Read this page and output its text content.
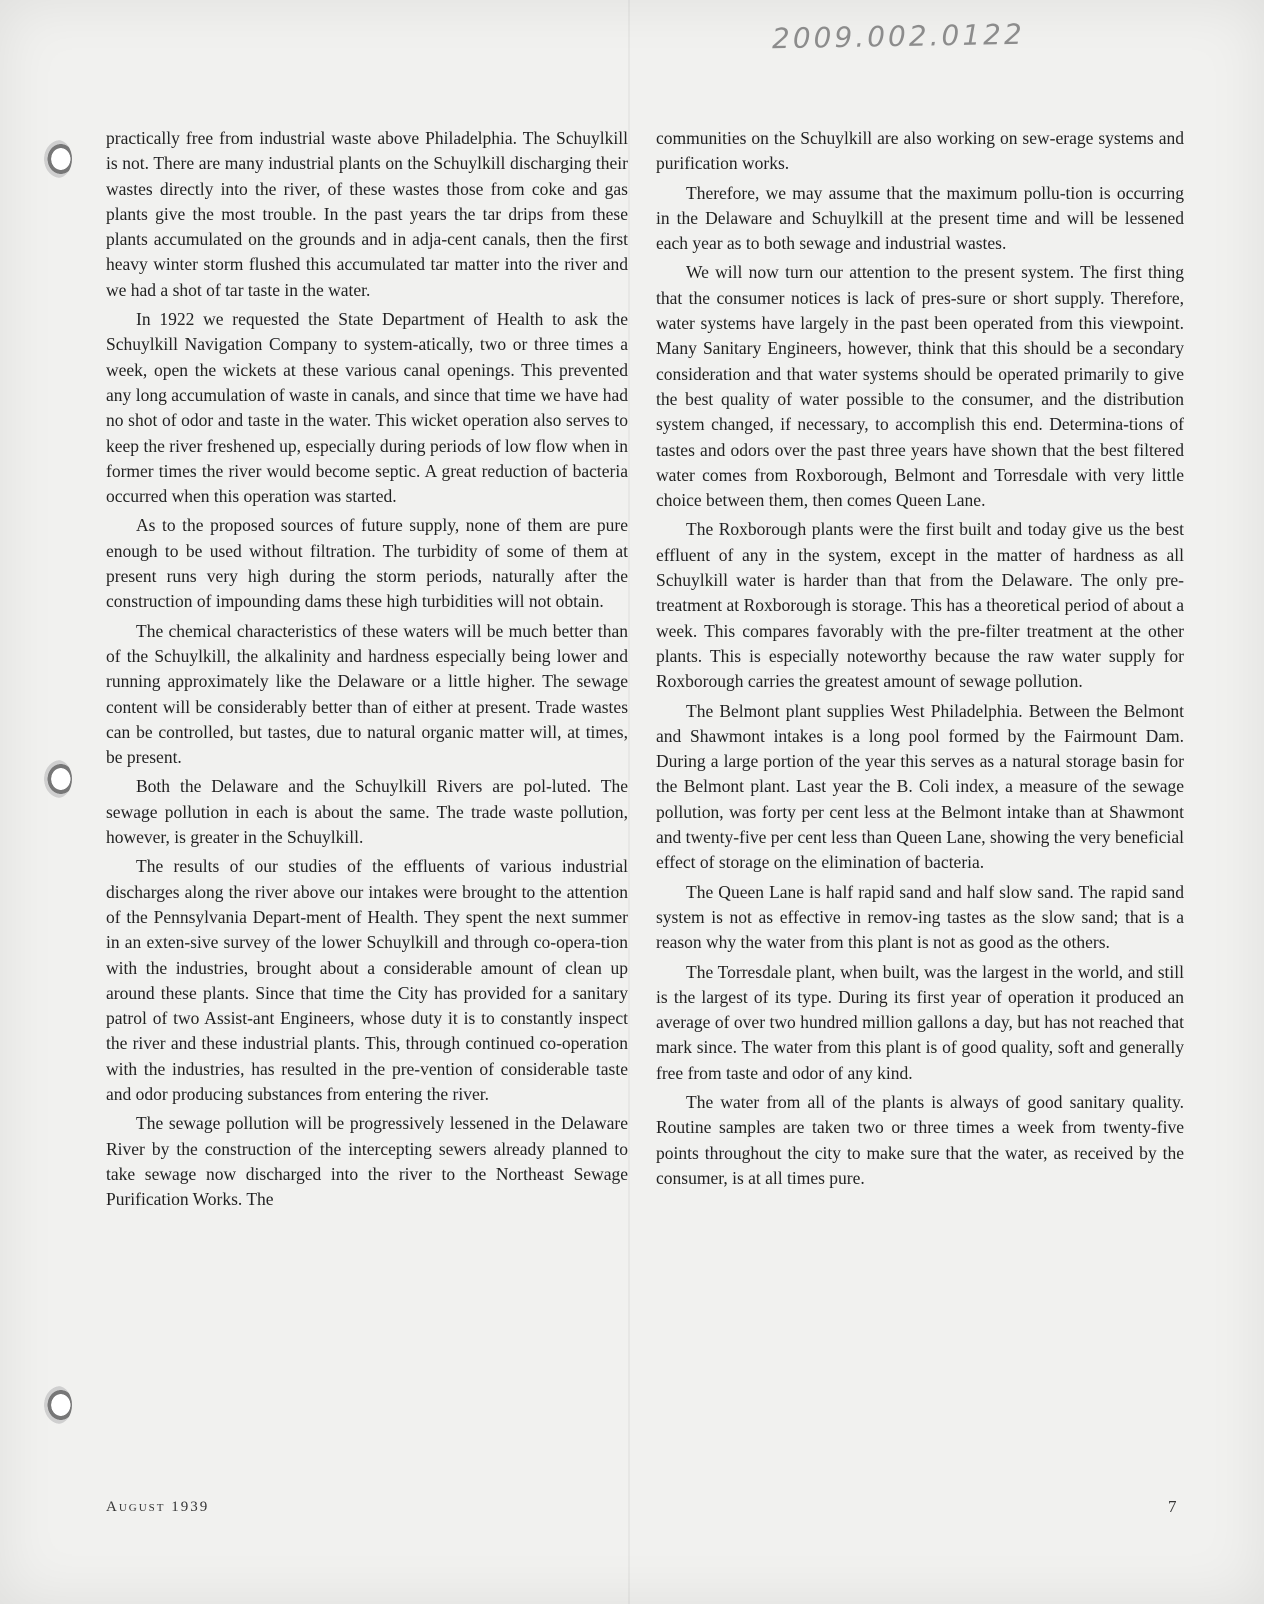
2009.002.0122

practically free from industrial waste above Philadelphia. The Schuylkill is not. There are many industrial plants on the Schuylkill discharging their wastes directly into the river, of these wastes those from coke and gas plants give the most trouble. In the past years the tar drips from these plants accumulated on the grounds and in adja-cent canals, then the first heavy winter storm flushed this accumulated tar matter into the river and we had a shot of tar taste in the water.

In 1922 we requested the State Department of Health to ask the Schuylkill Navigation Company to system-atically, two or three times a week, open the wickets at these various canal openings. This prevented any long accumulation of waste in canals, and since that time we have had no shot of odor and taste in the water. This wicket operation also serves to keep the river freshened up, especially during periods of low flow when in former times the river would become septic. A great reduction of bacteria occurred when this operation was started.

As to the proposed sources of future supply, none of them are pure enough to be used without filtration. The turbidity of some of them at present runs very high during the storm periods, naturally after the construction of impounding dams these high turbidities will not obtain.

The chemical characteristics of these waters will be much better than of the Schuylkill, the alkalinity and hardness especially being lower and running approximately like the Delaware or a little higher. The sewage content will be considerably better than of either at present. Trade wastes can be controlled, but tastes, due to natural organic matter will, at times, be present.

Both the Delaware and the Schuylkill Rivers are pol-luted. The sewage pollution in each is about the same. The trade waste pollution, however, is greater in the Schuylkill.

The results of our studies of the effluents of various industrial discharges along the river above our intakes were brought to the attention of the Pennsylvania Depart-ment of Health. They spent the next summer in an exten-sive survey of the lower Schuylkill and through co-opera-tion with the industries, brought about a considerable amount of clean up around these plants. Since that time the City has provided for a sanitary patrol of two Assist-ant Engineers, whose duty it is to constantly inspect the river and these industrial plants. This, through continued co-operation with the industries, has resulted in the pre-vention of considerable taste and odor producing substances from entering the river.

The sewage pollution will be progressively lessened in the Delaware River by the construction of the intercepting sewers already planned to take sewage now discharged into the river to the Northeast Sewage Purification Works. The

communities on the Schuylkill are also working on sew-erage systems and purification works.

Therefore, we may assume that the maximum pollu-tion is occurring in the Delaware and Schuylkill at the present time and will be lessened each year as to both sewage and industrial wastes.

We will now turn our attention to the present system. The first thing that the consumer notices is lack of pres-sure or short supply. Therefore, water systems have largely in the past been operated from this viewpoint. Many Sanitary Engineers, however, think that this should be a secondary consideration and that water systems should be operated primarily to give the best quality of water possible to the consumer, and the distribution system changed, if necessary, to accomplish this end. Determina-tions of tastes and odors over the past three years have shown that the best filtered water comes from Roxborough, Belmont and Torresdale with very little choice between them, then comes Queen Lane.

The Roxborough plants were the first built and today give us the best effluent of any in the system, except in the matter of hardness as all Schuylkill water is harder than that from the Delaware. The only pre-treatment at Roxborough is storage. This has a theoretical period of about a week. This compares favorably with the pre-filter treatment at the other plants. This is especially noteworthy because the raw water supply for Roxborough carries the greatest amount of sewage pollution.

The Belmont plant supplies West Philadelphia. Between the Belmont and Shawmont intakes is a long pool formed by the Fairmount Dam. During a large portion of the year this serves as a natural storage basin for the Belmont plant. Last year the B. Coli index, a measure of the sewage pollution, was forty per cent less at the Belmont intake than at Shawmont and twenty-five per cent less than Queen Lane, showing the very beneficial effect of storage on the elimination of bacteria.

The Queen Lane is half rapid sand and half slow sand. The rapid sand system is not as effective in remov-ing tastes as the slow sand; that is a reason why the water from this plant is not as good as the others.

The Torresdale plant, when built, was the largest in the world, and still is the largest of its type. During its first year of operation it produced an average of over two hundred million gallons a day, but has not reached that mark since. The water from this plant is of good quality, soft and generally free from taste and odor of any kind.

The water from all of the plants is always of good sanitary quality. Routine samples are taken two or three times a week from twenty-five points throughout the city to make sure that the water, as received by the consumer, is at all times pure.

August 1939	7
